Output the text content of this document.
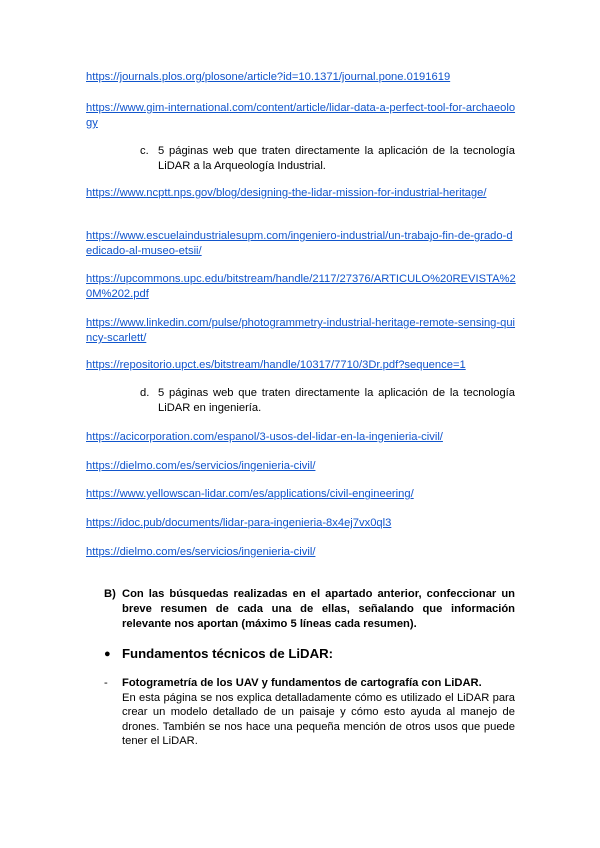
https://journals.plos.org/plosone/article?id=10.1371/journal.pone.0191619
https://www.gim-international.com/content/article/lidar-data-a-perfect-tool-for-archaeology
c. 5 páginas web que traten directamente la aplicación de la tecnología LiDAR a la Arqueología Industrial.
https://www.ncptt.nps.gov/blog/designing-the-lidar-mission-for-industrial-heritage/
https://www.escuelaindustrialesupm.com/ingeniero-industrial/un-trabajo-fin-de-grado-dedicado-al-museo-etsii/
https://upcommons.upc.edu/bitstream/handle/2117/27376/ARTICULO%20REVISTA%20M%202.pdf
https://www.linkedin.com/pulse/photogrammetry-industrial-heritage-remote-sensing-quincy-scarlett/
https://repositorio.upct.es/bitstream/handle/10317/7710/3Dr.pdf?sequence=1
d. 5 páginas web que traten directamente la aplicación de la tecnología LiDAR en ingeniería.
https://acicorporation.com/espanol/3-usos-del-lidar-en-la-ingenieria-civil/
https://dielmo.com/es/servicios/ingenieria-civil/
https://www.yellowscan-lidar.com/es/applications/civil-engineering/
https://idoc.pub/documents/lidar-para-ingenieria-8x4ej7vx0ql3
https://dielmo.com/es/servicios/ingenieria-civil/
B) Con las búsquedas realizadas en el apartado anterior, confeccionar un breve resumen de cada una de ellas, señalando que información relevante nos aportan (máximo 5 líneas cada resumen).
● Fundamentos técnicos de LiDAR:
- Fotogrametría de los UAV y fundamentos de cartografía con LiDAR.
En esta página se nos explica detalladamente cómo es utilizado el LiDAR para crear un modelo detallado de un paisaje y cómo esto ayuda al manejo de drones. También se nos hace una pequeña mención de otros usos que puede tener el LiDAR.
